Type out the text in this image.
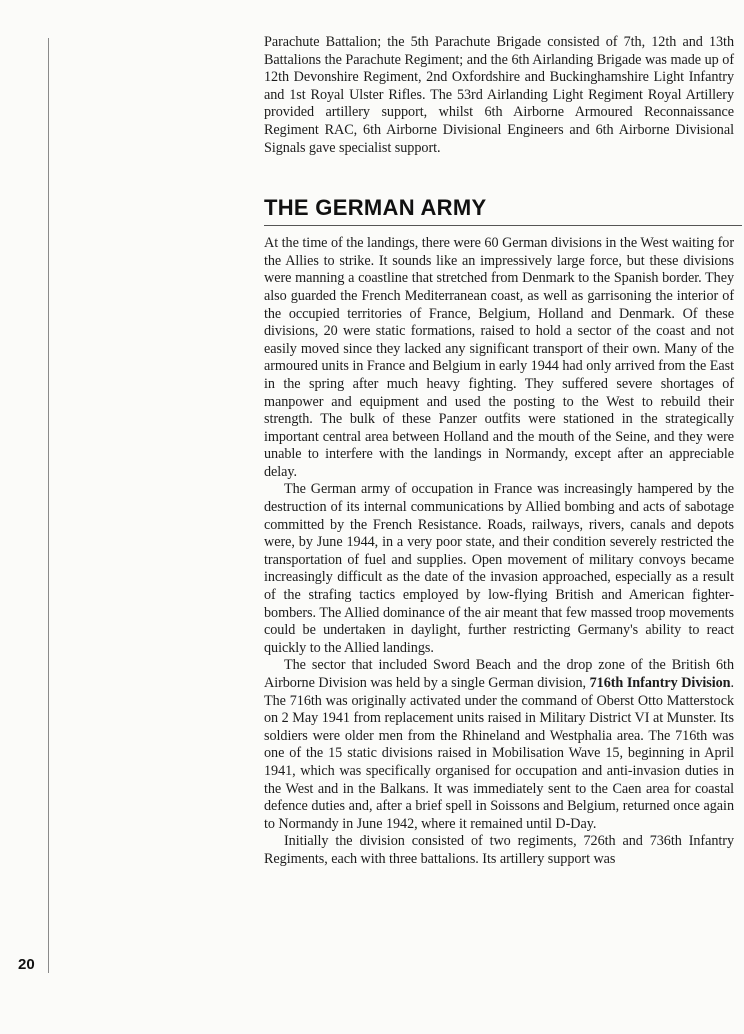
20

Parachute Battalion; the 5th Parachute Brigade consisted of 7th, 12th and 13th Battalions the Parachute Regiment; and the 6th Airlanding Brigade was made up of 12th Devonshire Regiment, 2nd Oxfordshire and Buckinghamshire Light Infantry and 1st Royal Ulster Rifles. The 53rd Airlanding Light Regiment Royal Artillery provided artillery support, whilst 6th Airborne Armoured Reconnaissance Regiment RAC, 6th Airborne Divisional Engineers and 6th Airborne Divisional Signals gave specialist support.

THE GERMAN ARMY

At the time of the landings, there were 60 German divisions in the West waiting for the Allies to strike. It sounds like an impressively large force, but these divisions were manning a coastline that stretched from Denmark to the Spanish border. They also guarded the French Mediterranean coast, as well as garrisoning the interior of the occupied territories of France, Belgium, Holland and Denmark. Of these divisions, 20 were static formations, raised to hold a sector of the coast and not easily moved since they lacked any significant transport of their own. Many of the armoured units in France and Belgium in early 1944 had only arrived from the East in the spring after much heavy fighting. They suffered severe shortages of manpower and equipment and used the posting to the West to rebuild their strength. The bulk of these Panzer outfits were stationed in the strategically important central area between Holland and the mouth of the Seine, and they were unable to interfere with the landings in Normandy, except after an appreciable delay.

The German army of occupation in France was increasingly hampered by the destruction of its internal communications by Allied bombing and acts of sabotage committed by the French Resistance. Roads, railways, rivers, canals and depots were, by June 1944, in a very poor state, and their condition severely restricted the transportation of fuel and supplies. Open movement of military convoys became increasingly difficult as the date of the invasion approached, especially as a result of the strafing tactics employed by low-flying British and American fighter-bombers. The Allied dominance of the air meant that few massed troop movements could be undertaken in daylight, further restricting Germany's ability to react quickly to the Allied landings.

The sector that included Sword Beach and the drop zone of the British 6th Airborne Division was held by a single German division, 716th Infantry Division. The 716th was originally activated under the command of Oberst Otto Matterstock on 2 May 1941 from replacement units raised in Military District VI at Munster. Its soldiers were older men from the Rhineland and Westphalia area. The 716th was one of the 15 static divisions raised in Mobilisation Wave 15, beginning in April 1941, which was specifically organised for occupation and anti-invasion duties in the West and in the Balkans. It was immediately sent to the Caen area for coastal defence duties and, after a brief spell in Soissons and Belgium, returned once again to Normandy in June 1942, where it remained until D-Day.

Initially the division consisted of two regiments, 726th and 736th Infantry Regiments, each with three battalions. Its artillery support was
